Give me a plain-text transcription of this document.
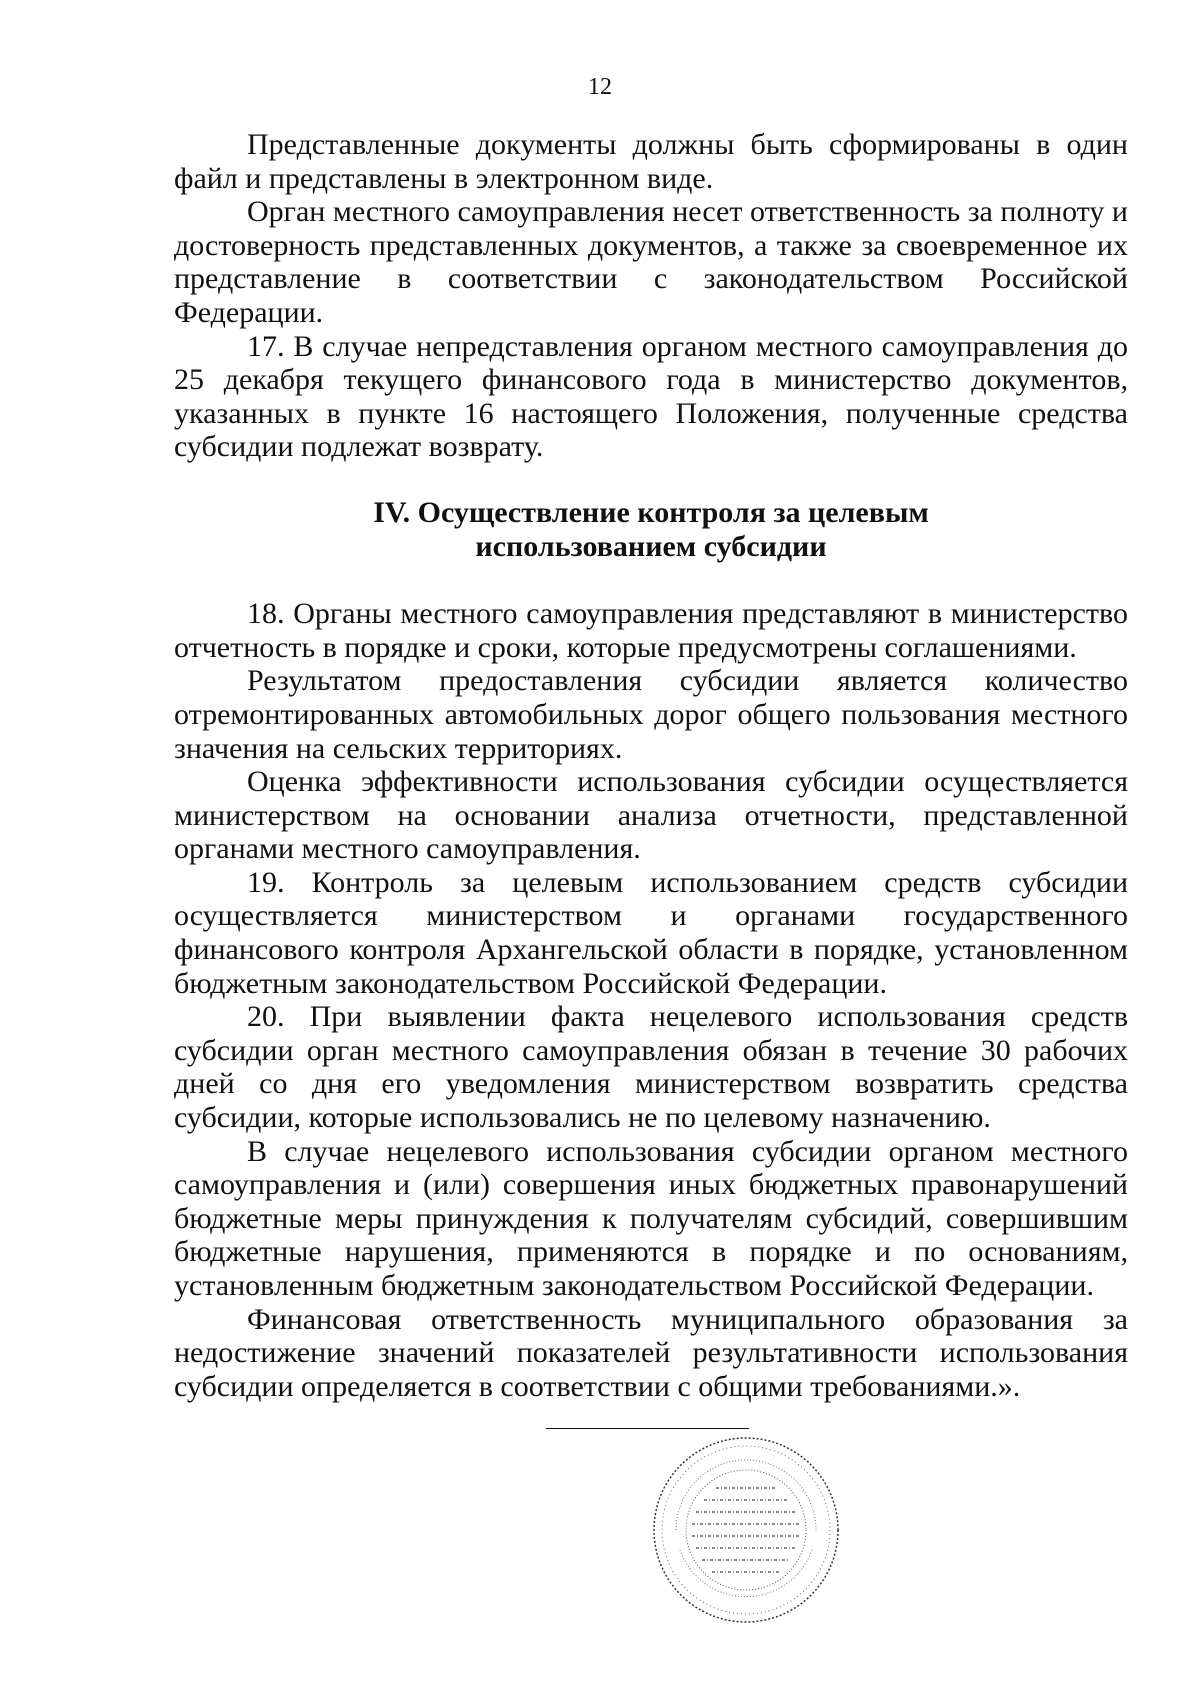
12

Представленные документы должны быть сформированы в один файл и представлены в электронном виде.

Орган местного самоуправления несет ответственность за полноту и достоверность представленных документов, а также за своевременное их представление в соответствии с законодательством Российской Федерации.

17. В случае непредставления органом местного самоуправления до 25 декабря текущего финансового года в министерство документов, указанных в пункте 16 настоящего Положения, полученные средства субсидии подлежат возврату.

IV. Осуществление контроля за целевым
использованием субсидии

18. Органы местного самоуправления представляют в министерство отчетность в порядке и сроки, которые предусмотрены соглашениями.

Результатом предоставления субсидии является количество отремонтированных автомобильных дорог общего пользования местного значения на сельских территориях.

Оценка эффективности использования субсидии осуществляется министерством на основании анализа отчетности, представленной органами местного самоуправления.

19. Контроль за целевым использованием средств субсидии осуществляется министерством и органами государственного финансового контроля Архангельской области в порядке, установленном бюджетным законодательством Российской Федерации.

20. При выявлении факта нецелевого использования средств субсидии орган местного самоуправления обязан в течение 30 рабочих дней со дня его уведомления министерством возвратить средства субсидии, которые использовались не по целевому назначению.

В случае нецелевого использования субсидии органом местного самоуправления и (или) совершения иных бюджетных правонарушений бюджетные меры принуждения к получателям субсидий, совершившим бюджетные нарушения, применяются в порядке и по основаниям, установленным бюджетным законодательством Российской Федерации.

Финансовая ответственность муниципального образования за недостижение значений показателей результативности использования субсидии определяется в соответствии с общими требованиями.».
